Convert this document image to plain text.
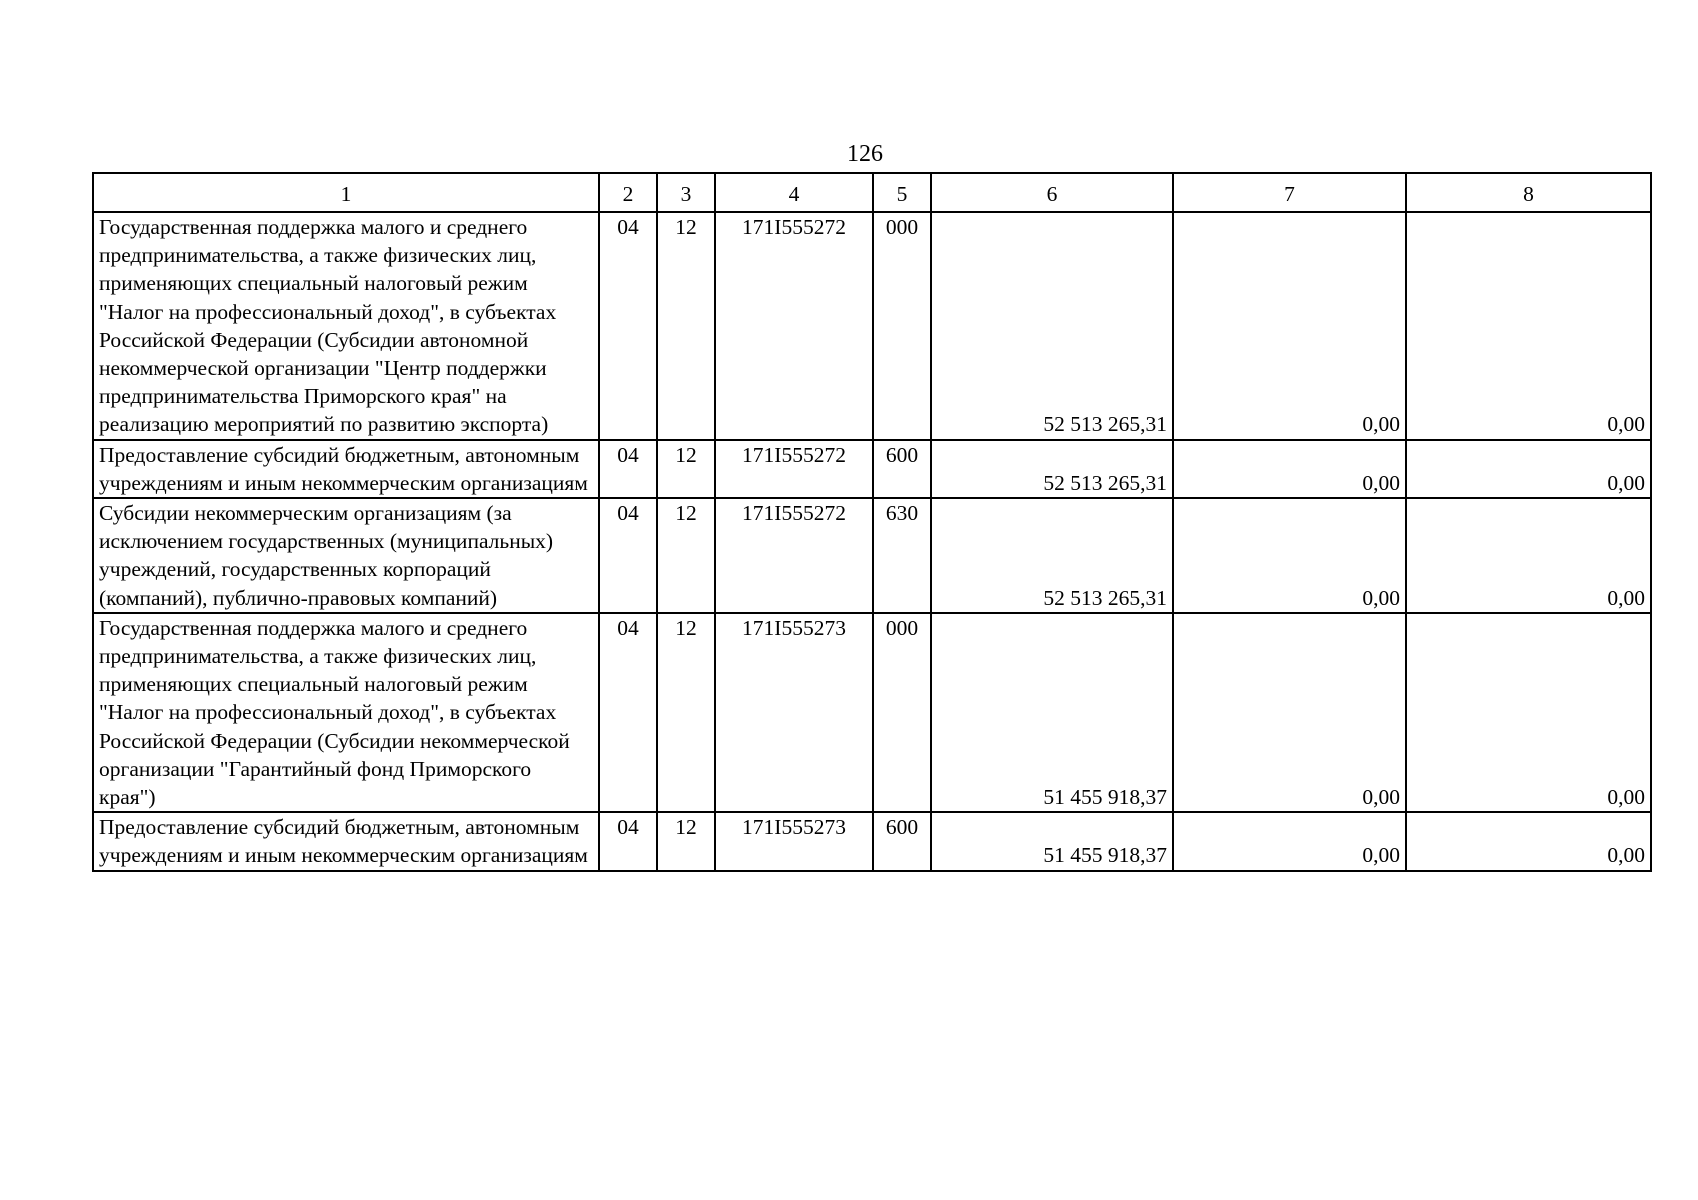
126
1	2	3	4	5	6	7	8
Государственная поддержка малого и среднего предпринимательства, а также физических лиц, применяющих специальный налоговый режим "Налог на профессиональный доход", в субъектах Российской Федерации (Субсидии автономной некоммерческой организации "Центр поддержки предпринимательства Приморского края" на реализацию мероприятий по развитию экспорта)	04	12	171I555272	000	52 513 265,31	0,00	0,00
Предоставление субсидий бюджетным, автономным учреждениям и иным некоммерческим организациям	04	12	171I555272	600	52 513 265,31	0,00	0,00
Субсидии некоммерческим организациям (за исключением государственных (муниципальных) учреждений, государственных корпораций (компаний), публично-правовых компаний)	04	12	171I555272	630	52 513 265,31	0,00	0,00
Государственная поддержка малого и среднего предпринимательства, а также физических лиц, применяющих специальный налоговый режим "Налог на профессиональный доход", в субъектах Российской Федерации (Субсидии некоммерческой организации "Гарантийный фонд Приморского края")	04	12	171I555273	000	51 455 918,37	0,00	0,00
Предоставление субсидий бюджетным, автономным учреждениям и иным некоммерческим организациям	04	12	171I555273	600	51 455 918,37	0,00	0,00
